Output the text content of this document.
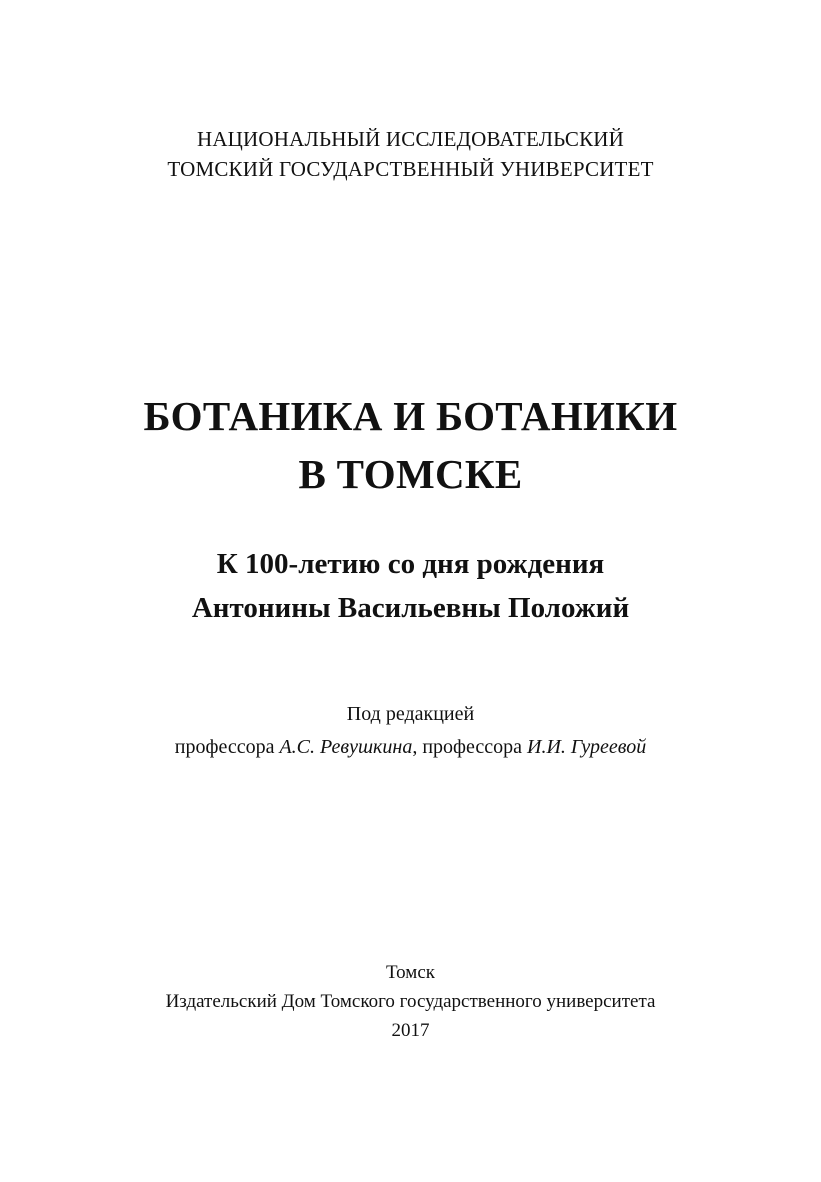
НАЦИОНАЛЬНЫЙ ИССЛЕДОВАТЕЛЬСКИЙ
ТОМСКИЙ ГОСУДАРСТВЕННЫЙ УНИВЕРСИТЕТ
БОТАНИКА И БОТАНИКИ
В ТОМСКЕ
К 100-летию со дня рождения
Антонины Васильевны Положий
Под редакцией
профессора А.С. Ревушкина, профессора И.И. Гуреевой
Томск
Издательский Дом Томского государственного университета
2017
